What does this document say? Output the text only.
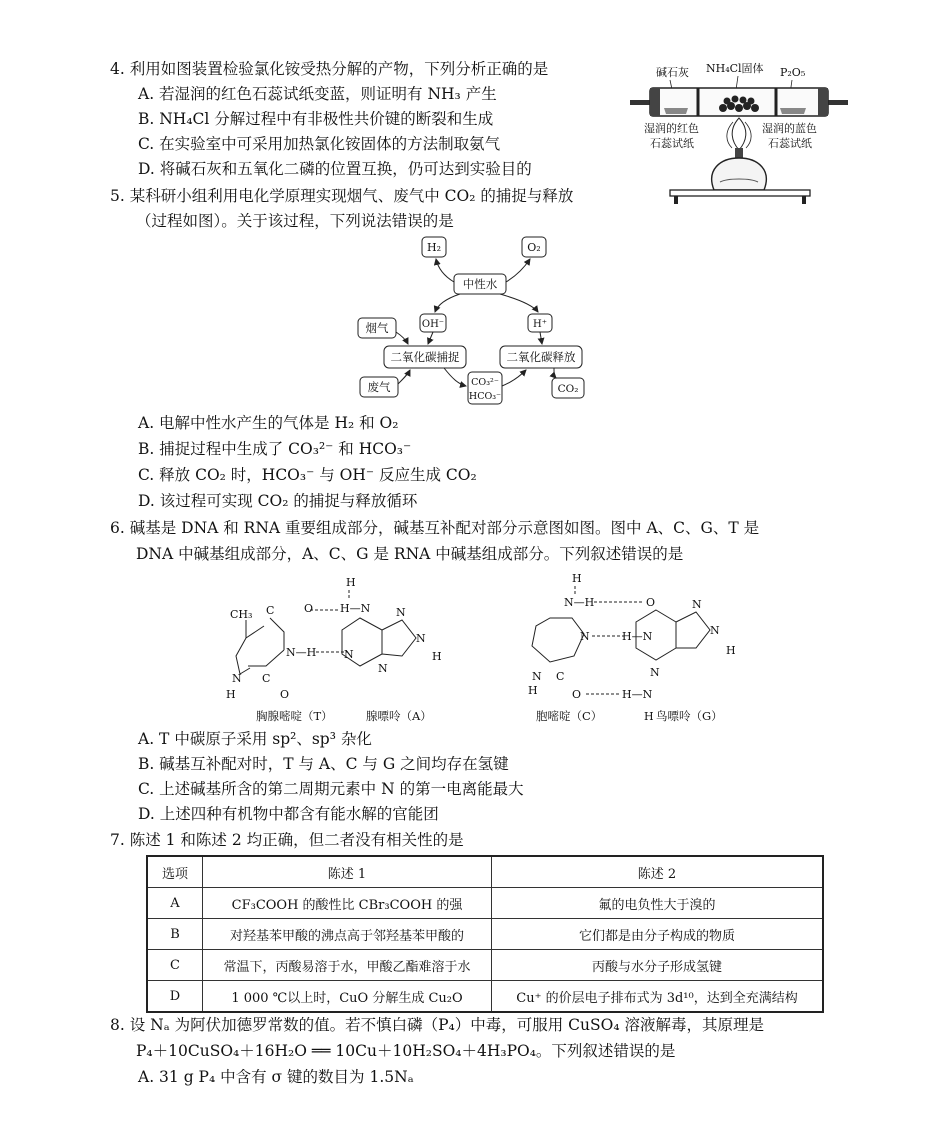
4. 利用如图装置检验氯化铵受热分解的产物，下列分析正确的是
A. 若湿润的红色石蕊试纸变蓝，则证明有 NH₃ 产生
B. NH₄Cl 分解过程中有非极性共价键的断裂和生成
C. 在实验室中可采用加热氯化铵固体的方法制取氨气
D. 将碱石灰和五氧化二磷的位置互换，仍可达到实验目的
碱石灰 NH₄Cl固体 P₂O₅
湿润的红色
石蕊试纸
湿润的蓝色
石蕊试纸
5. 某科研小组利用电化学原理实现烟气、废气中 CO₂ 的捕捉与释放
（过程如图）。关于该过程，下列说法错误的是
H₂	O₂
中性水
OH⁻	H⁺
烟气
二氧化碳捕捉	二氧化碳释放
废气	CO₃²⁻
HCO₃⁻
CO₂
A. 电解中性水产生的气体是 H₂ 和 O₂
B. 捕捉过程中生成了 CO₃²⁻ 和 HCO₃⁻
C. 释放 CO₂ 时，HCO₃⁻ 与 OH⁻ 反应生成 CO₂
D. 该过程可实现 CO₂ 的捕捉与释放循环
6. 碱基是 DNA 和 RNA 重要组成部分，碱基互补配对部分示意图如图。图中 A、C、G、T 是
DNA 中碱基组成部分，A、C、G 是 RNA 中碱基组成部分。下列叙述错误的是
CH₃ C	O
N—H
N C
O
H
H—N
H
N
N
N
N
H
胸腺嘧啶（T）	腺嘌呤（A）
H
N—H
N
N C
H	O
H—N
H—N
O	N
N
H
N
H
胞嘧啶（C）	鸟嘌呤（G）
A. T 中碳原子采用 sp²、sp³ 杂化
B. 碱基互补配对时，T 与 A、C 与 G 之间均存在氢键
C. 上述碱基所含的第二周期元素中 N 的第一电离能最大
D. 上述四种有机物中都含有能水解的官能团
7. 陈述 1 和陈述 2 均正确，但二者没有相关性的是
选项	陈述 1	陈述 2
A	CF₃COOH 的酸性比 CBr₃COOH 的强	氟的电负性大于溴的
B	对羟基苯甲酸的沸点高于邻羟基苯甲酸的	它们都是由分子构成的物质
C	常温下，丙酸易溶于水，甲酸乙酯难溶于水	丙酸与水分子形成氢键
D	1 000 ℃以上时，CuO 分解生成 Cu₂O	Cu⁺ 的价层电子排布式为 3d¹⁰，达到全充满结构
8. 设 Nₐ 为阿伏加德罗常数的值。若不慎白磷（P₄）中毒，可服用 CuSO₄ 溶液解毒，其原理是
P₄＋10CuSO₄＋16H₂O ══ 10Cu＋10H₂SO₄＋4H₃PO₄。下列叙述错误的是
A. 31 g P₄ 中含有 σ 键的数目为 1.5Nₐ
